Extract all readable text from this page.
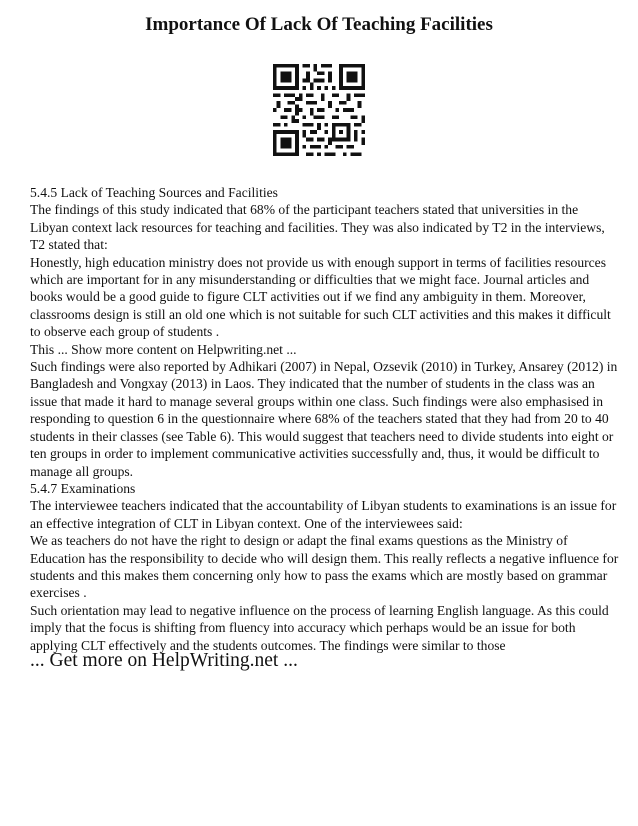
Importance Of Lack Of Teaching Facilities

5.4.5 Lack of Teaching Sources and Facilities

The findings of this study indicated that 68% of the participant teachers stated that universities in the Libyan context lack resources for teaching and facilities. They was also indicated by T2 in the interviews, T2 stated that:

Honestly, high education ministry does not provide us with enough support in terms of facilities resources which are important for in any misunderstanding or difficulties that we might face. Journal articles and books would be a good guide to figure CLT activities out if we find any ambiguity in them. Moreover, classrooms design is still an old one which is not suitable for such CLT activities and this makes it difficult to observe each group of students .

This ... Show more content on Helpwriting.net ...

Such findings were also reported by Adhikari (2007) in Nepal, Ozsevik (2010) in Turkey, Ansarey (2012) in Bangladesh and Vongxay (2013) in Laos. They indicated that the number of students in the class was an issue that made it hard to manage several groups within one class. Such findings were also emphasised in responding to question 6 in the questionnaire where 68% of the teachers stated that they had from 20 to 40 students in their classes (see Table 6). This would suggest that teachers need to divide students into eight or ten groups in order to implement communicative activities successfully and, thus, it would be difficult to manage all groups.

5.4.7 Examinations

The interviewee teachers indicated that the accountability of Libyan students to examinations is an issue for an effective integration of CLT in Libyan context. One of the interviewees said:

We as teachers do not have the right to design or adapt the final exams questions as the Ministry of Education has the responsibility to decide who will design them. This really reflects a negative influence for students and this makes them concerning only how to pass the exams which are mostly based on grammar exercises .

Such orientation may lead to negative influence on the process of learning English language. As this could imply that the focus is shifting from fluency into accuracy which perhaps would be an issue for both applying CLT effectively and the students outcomes. The findings were similar to those

... Get more on HelpWriting.net ...
